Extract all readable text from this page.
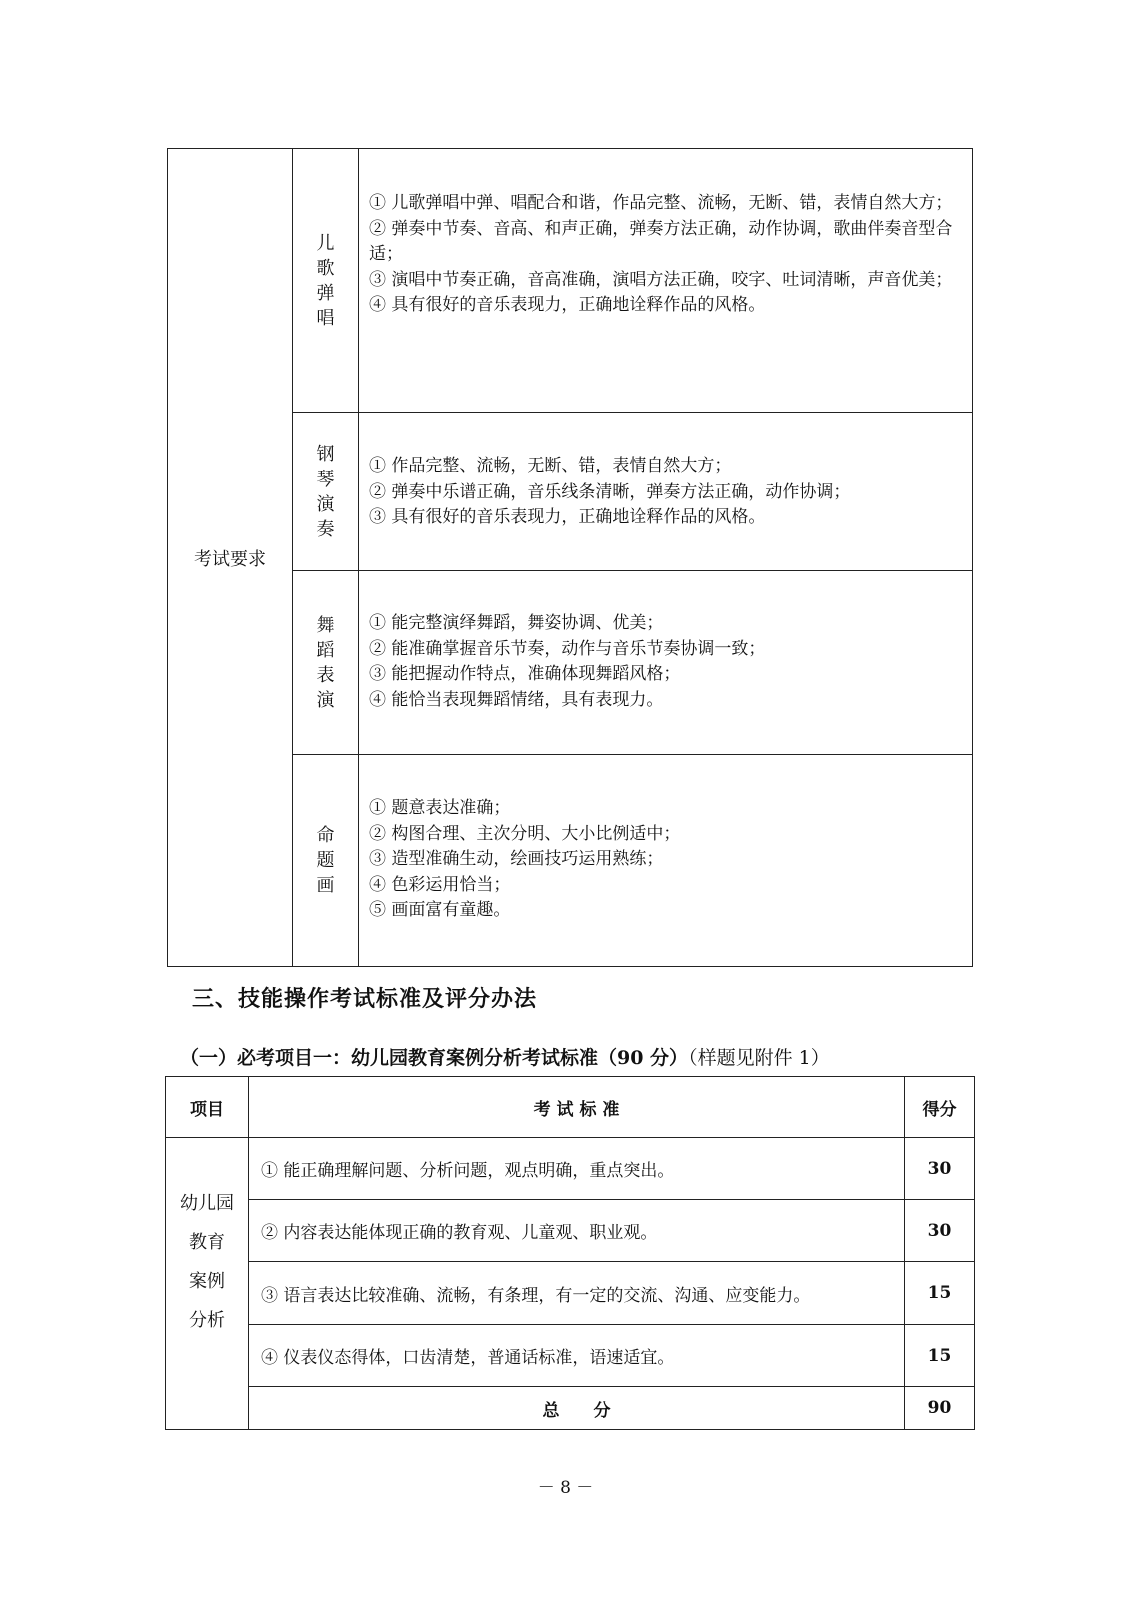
考试要求	儿
歌
弹
唱	① 儿歌弹唱中弹、唱配合和谐，作品完整、流畅，无断、错，表情自然大方；
② 弹奏中节奏、音高、和声正确，弹奏方法正确，动作协调，歌曲伴奏音型合适；
③ 演唱中节奏正确，音高准确，演唱方法正确，咬字、吐词清晰，声音优美；
④ 具有很好的音乐表现力，正确地诠释作品的风格。

	钢
琴
演
奏	① 作品完整、流畅，无断、错，表情自然大方；
② 弹奏中乐谱正确，音乐线条清晰，弹奏方法正确，动作协调；
③ 具有很好的音乐表现力，正确地诠释作品的风格。

	舞
蹈
表
演	① 能完整演绎舞蹈，舞姿协调、优美；
② 能准确掌握音乐节奏，动作与音乐节奏协调一致；
③ 能把握动作特点，准确体现舞蹈风格；
④ 能恰当表现舞蹈情绪，具有表现力。

	命
题
画	① 题意表达准确；
② 构图合理、主次分明、大小比例适中；
③ 造型准确生动，绘画技巧运用熟练；
④ 色彩运用恰当；
⑤ 画面富有童趣。
三、技能操作考试标准及评分办法
（一）必考项目一：幼儿园教育案例分析考试标准（90 分）（样题见附件 1）
项目	考 试 标 准	得分

幼儿园
教育
案例
分析	① 能正确理解问题、分析问题，观点明确，重点突出。	30
	② 内容表达能体现正确的教育观、儿童观、职业观。	30
	③ 语言表达比较准确、流畅，有条理，有一定的交流、沟通、应变能力。	15
	④ 仪表仪态得体，口齿清楚，普通话标准，语速适宜。	15
	总　　分	90
－ 8 －
